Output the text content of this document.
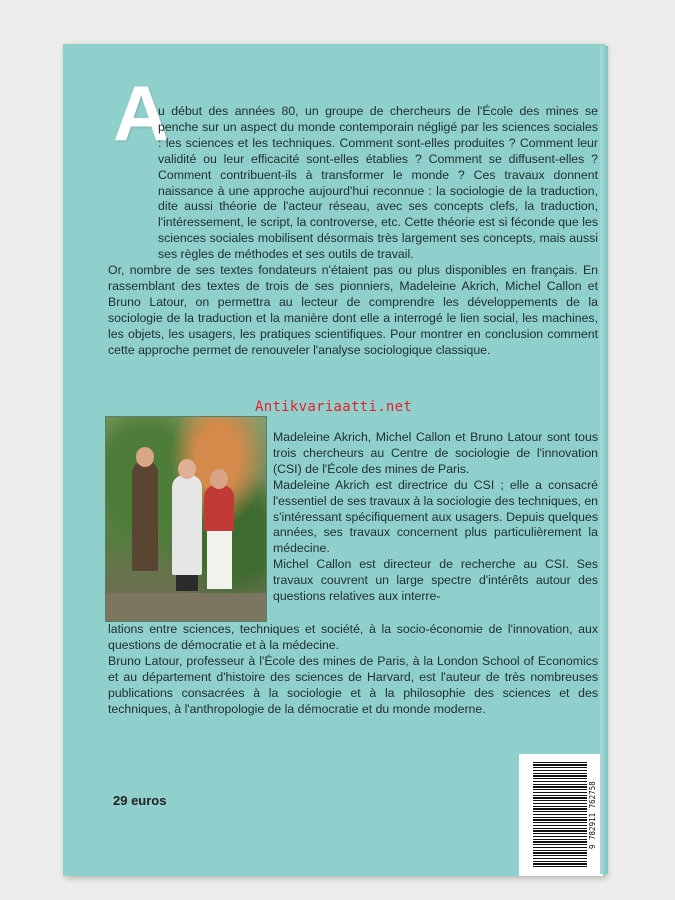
A

u début des années 80, un groupe de chercheurs de l'École des mines se penche sur un aspect du monde contemporain négligé par les sciences sociales : les sciences et les techniques. Comment sont-elles produites ? Comment leur validité ou leur efficacité sont-elles établies ? Comment se diffusent-elles ? Comment contribuent-ils à transformer le monde ? Ces travaux donnent naissance à une approche aujourd'hui reconnue : la sociologie de la traduction, dite aussi théorie de l'acteur réseau, avec ses concepts clefs, la traduction, l'intéressement, le script, la controverse, etc. Cette théorie est si féconde que les sciences sociales mobilisent désormais très largement ses concepts, mais aussi ses règles de méthodes et ses outils de travail.

Or, nombre de ses textes fondateurs n'étaient pas ou plus disponibles en français. En rassemblant des textes de trois de ses pionniers, Madeleine Akrich, Michel Callon et Bruno Latour, on permettra au lecteur de comprendre les développements de la sociologie de la traduction et la manière dont elle a interrogé le lien social, les machines, les objets, les usagers, les pratiques scientifiques. Pour montrer en conclusion comment cette approche permet de renouveler l'analyse sociologique classique.

Antikvariaatti.net

Madeleine Akrich, Michel Callon et Bruno Latour sont tous trois chercheurs au Centre de sociologie de l'innovation (CSI) de l'École des mines de Paris.

Madeleine Akrich est directrice du CSI ; elle a consacré l'essentiel de ses travaux à la sociologie des techniques, en s'intéressant spécifiquement aux usagers. Depuis quelques années, ses travaux concernent plus particulièrement la médecine.

Michel Callon est directeur de recherche au CSI. Ses travaux couvrent un large spectre d'intérêts autour des questions relatives aux interre-

lations entre sciences, techniques et société, à la socio-économie de l'innovation, aux questions de démocratie et à la médecine.

Bruno Latour, professeur à l'École des mines de Paris, à la London School of Economics et au département d'histoire des sciences de Harvard, est l'auteur de très nombreuses publications consacrées à la sociologie et à la philosophie des sciences et des techniques, à l'anthropologie de la démocratie et du monde moderne.

29 euros	9 782911 762758
